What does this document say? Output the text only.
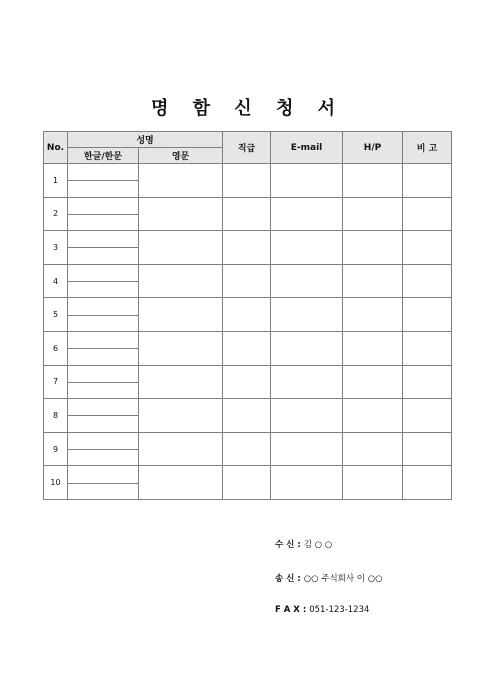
명 함 신 청 서
No.	성명		직급	E-mail	H/P	비 고
	한글/한문	영문				
1	

2	

3	

4	

5	

6	

7	

8	

9	

10	

수 신 : 김 ○ ○
송 신 : ○○ 주식회사 이 ○○
F A X : 051-123-1234
